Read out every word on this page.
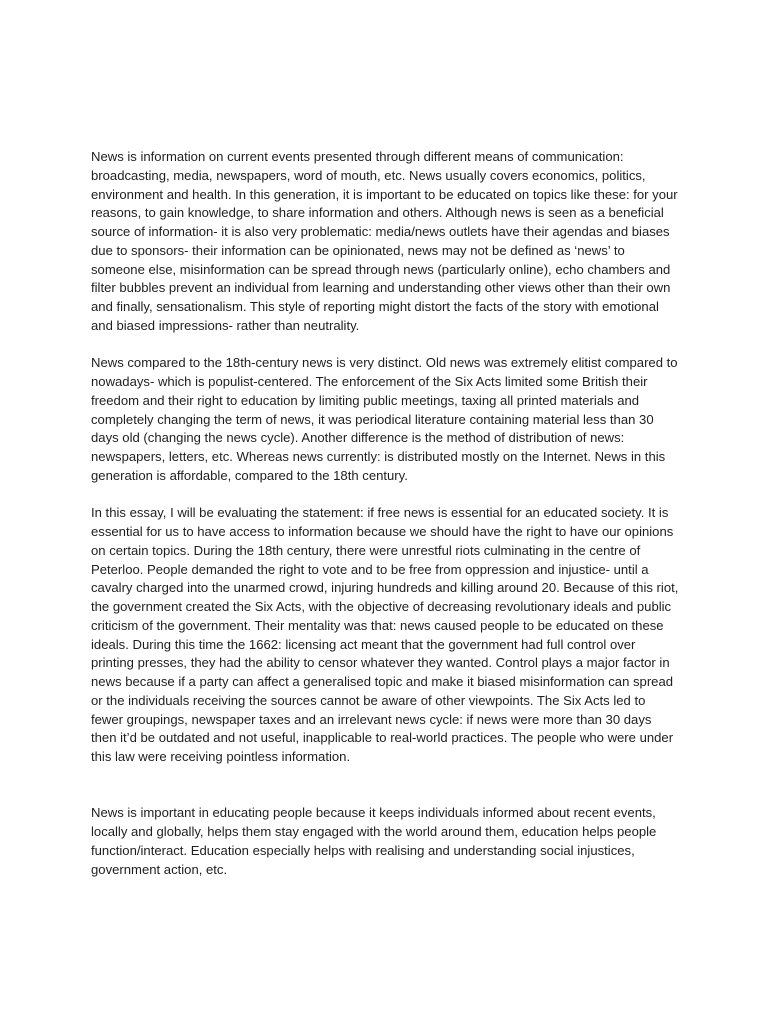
News is information on current events presented through different means of communication: broadcasting, media, newspapers, word of mouth, etc. News usually covers economics, politics, environment and health. In this generation, it is important to be educated on topics like these: for your reasons, to gain knowledge, to share information and others. Although news is seen as a beneficial source of information- it is also very problematic: media/news outlets have their agendas and biases due to sponsors- their information can be opinionated, news may not be defined as ‘news’ to someone else, misinformation can be spread through news (particularly online), echo chambers and filter bubbles prevent an individual from learning and understanding other views other than their own and finally, sensationalism. This style of reporting might distort the facts of the story with emotional and biased impressions- rather than neutrality.

News compared to the 18th-century news is very distinct. Old news was extremely elitist compared to nowadays- which is populist-centered. The enforcement of the Six Acts limited some British their freedom and their right to education by limiting public meetings, taxing all printed materials and completely changing the term of news, it was periodical literature containing material less than 30 days old (changing the news cycle). Another difference is the method of distribution of news: newspapers, letters, etc. Whereas news currently: is distributed mostly on the Internet. News in this generation is affordable, compared to the 18th century.

In this essay, I will be evaluating the statement: if free news is essential for an educated society. It is essential for us to have access to information because we should have the right to have our opinions on certain topics. During the 18th century, there were unrestful riots culminating in the centre of Peterloo. People demanded the right to vote and to be free from oppression and injustice- until a cavalry charged into the unarmed crowd, injuring hundreds and killing around 20. Because of this riot, the government created the Six Acts, with the objective of decreasing revolutionary ideals and public criticism of the government. Their mentality was that: news caused people to be educated on these ideals. During this time the 1662: licensing act meant that the government had full control over printing presses, they had the ability to censor whatever they wanted. Control plays a major factor in news because if a party can affect a generalised topic and make it biased misinformation can spread or the individuals receiving the sources cannot be aware of other viewpoints. The Six Acts led to fewer groupings, newspaper taxes and an irrelevant news cycle: if news were more than 30 days then it’d be outdated and not useful, inapplicable to real-world practices. The people who were under this law were receiving pointless information.

News is important in educating people because it keeps individuals informed about recent events, locally and globally, helps them stay engaged with the world around them, education helps people function/interact. Education especially helps with realising and understanding social injustices, government action, etc.
